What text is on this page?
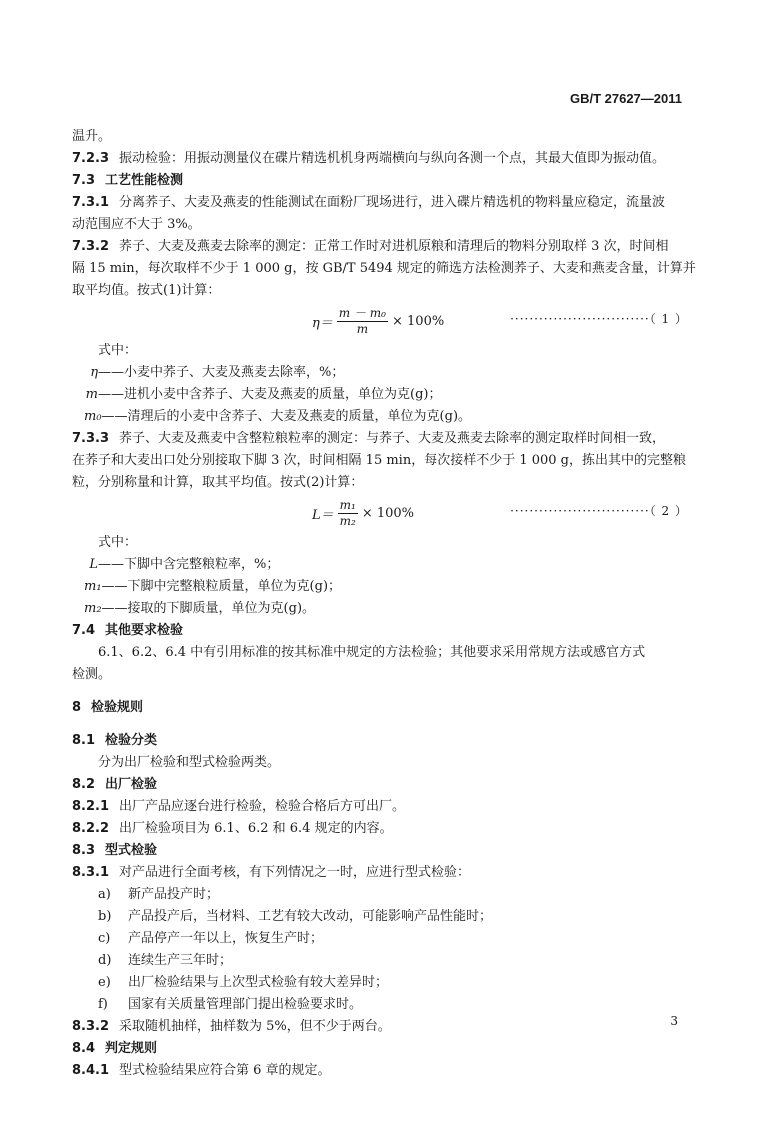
GB/T 27627—2011
温升。
7.2.3 振动检验：用振动测量仪在碟片精选机机身两端横向与纵向各测一个点，其最大值即为振动值。
7.3 工艺性能检测
7.3.1 分离荞子、大麦及燕麦的性能测试在面粉厂现场进行，进入碟片精选机的物料量应稳定，流量波
动范围应不大于 3%。
7.3.2 荞子、大麦及燕麦去除率的测定：正常工作时对进机原粮和清理后的物料分别取样 3 次，时间相
隔 15 min，每次取样不少于 1 000 g，按 GB/T 5494 规定的筛选方法检测荞子、大麦和燕麦含量，计算并
取平均值。按式(1)计算：
$\eta= \frac{\text{m － m₀}}{m} \times 100\%$	·····························（ 1 ）
式中：
η——小麦中荞子、大麦及燕麦去除率，%；
m——进机小麦中含荞子、大麦及燕麦的质量，单位为克(g)；
m₀——清理后的小麦中含荞子、大麦及燕麦的质量，单位为克(g)。
7.3.3 荞子、大麦及燕麦中含整粒粮粒率的测定：与荞子、大麦及燕麦去除率的测定取样时间相一致，
在荞子和大麦出口处分别接取下脚 3 次，时间相隔 15 min，每次接样不少于 1 000 g，拣出其中的完整粮
粒，分别称量和计算，取其平均值。按式(2)计算：
$L= \frac{\text{m₁}}{\text{m₂}} \times 100\%$	·····························（ 2 ）
式中：
L——下脚中含完整粮粒率，%；
m₁——下脚中完整粮粒质量，单位为克(g)；
m₂——接取的下脚质量，单位为克(g)。
7.4 其他要求检验
6.1、6.2、6.4 中有引用标准的按其标准中规定的方法检验；其他要求采用常规方法或感官方式
检测。
8 检验规则
8.1 检验分类
分为出厂检验和型式检验两类。
8.2 出厂检验
8.2.1 出厂产品应逐台进行检验，检验合格后方可出厂。
8.2.2 出厂检验项目为 6.1、6.2 和 6.4 规定的内容。
8.3 型式检验
8.3.1 对产品进行全面考核，有下列情况之一时，应进行型式检验：
a) 新产品投产时；
b) 产品投产后，当材料、工艺有较大改动，可能影响产品性能时；
c) 产品停产一年以上，恢复生产时；
d) 连续生产三年时；
e) 出厂检验结果与上次型式检验有较大差异时；
f) 国家有关质量管理部门提出检验要求时。
8.3.2 采取随机抽样，抽样数为 5%，但不少于两台。
8.4 判定规则
8.4.1 型式检验结果应符合第 6 章的规定。
3
